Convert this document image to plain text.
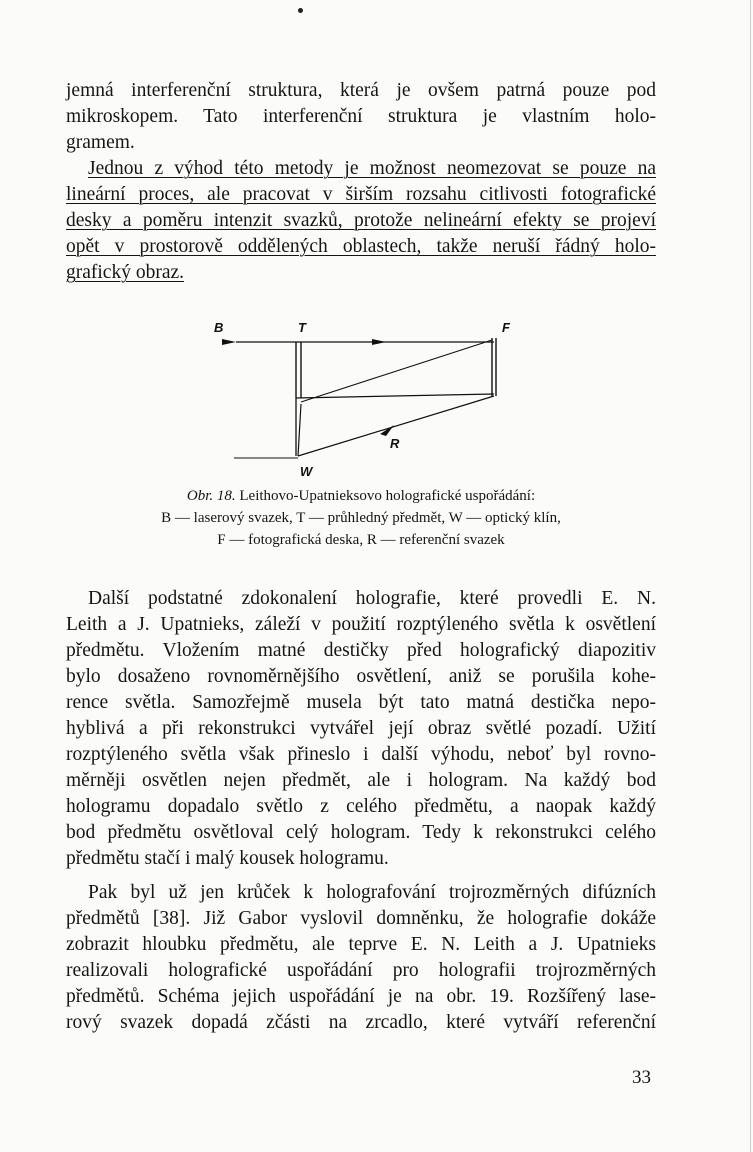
jemná interferenční struktura, která je ovšem patrná pouze pod
mikroskopem. Tato interferenční struktura je vlastním holo-
gramem.

Jednou z výhod této metody je možnost neomezovat se pouze na
lineární proces, ale pracovat v širším rozsahu citlivosti fotografické
desky a poměru intenzit svazků, protože nelineární efekty se projeví
opět v prostorově oddělených oblastech, takže neruší řádný holo-
grafický obraz.

B	T	F
R
W
Obr. 18. Leithovo-Upatnieksovo holografické uspořádání:
B — laserový svazek, T — průhledný předmět, W — optický klín,
F — fotografická deska, R — referenční svazek

Další podstatné zdokonalení holografie, které provedli E. N.
Leith a J. Upatnieks, záleží v použití rozptýleného světla k osvětlení
předmětu. Vložením matné destičky před holografický diapozitiv
bylo dosaženo rovnoměrnějšího osvětlení, aniž se porušila kohe-
rence světla. Samozřejmě musela být tato matná destička nepo-
hyblivá a při rekonstrukci vytvářel její obraz světlé pozadí. Užití
rozptýleného světla však přineslo i další výhodu, neboť byl rovno-
měrněji osvětlen nejen předmět, ale i hologram. Na každý bod
hologramu dopadalo světlo z celého předmětu, a naopak každý
bod předmětu osvětloval celý hologram. Tedy k rekonstrukci celého
předmětu stačí i malý kousek hologramu.

Pak byl už jen krůček k holografování trojrozměrných difúzních
předmětů [38]. Již Gabor vyslovil domněnku, že holografie dokáže
zobrazit hloubku předmětu, ale teprve E. N. Leith a J. Upatnieks
realizovali holografické uspořádání pro holografii trojrozměrných
předmětů. Schéma jejich uspořádání je na obr. 19. Rozšířený lase-
rový svazek dopadá zčásti na zrcadlo, které vytváří referenční

33
